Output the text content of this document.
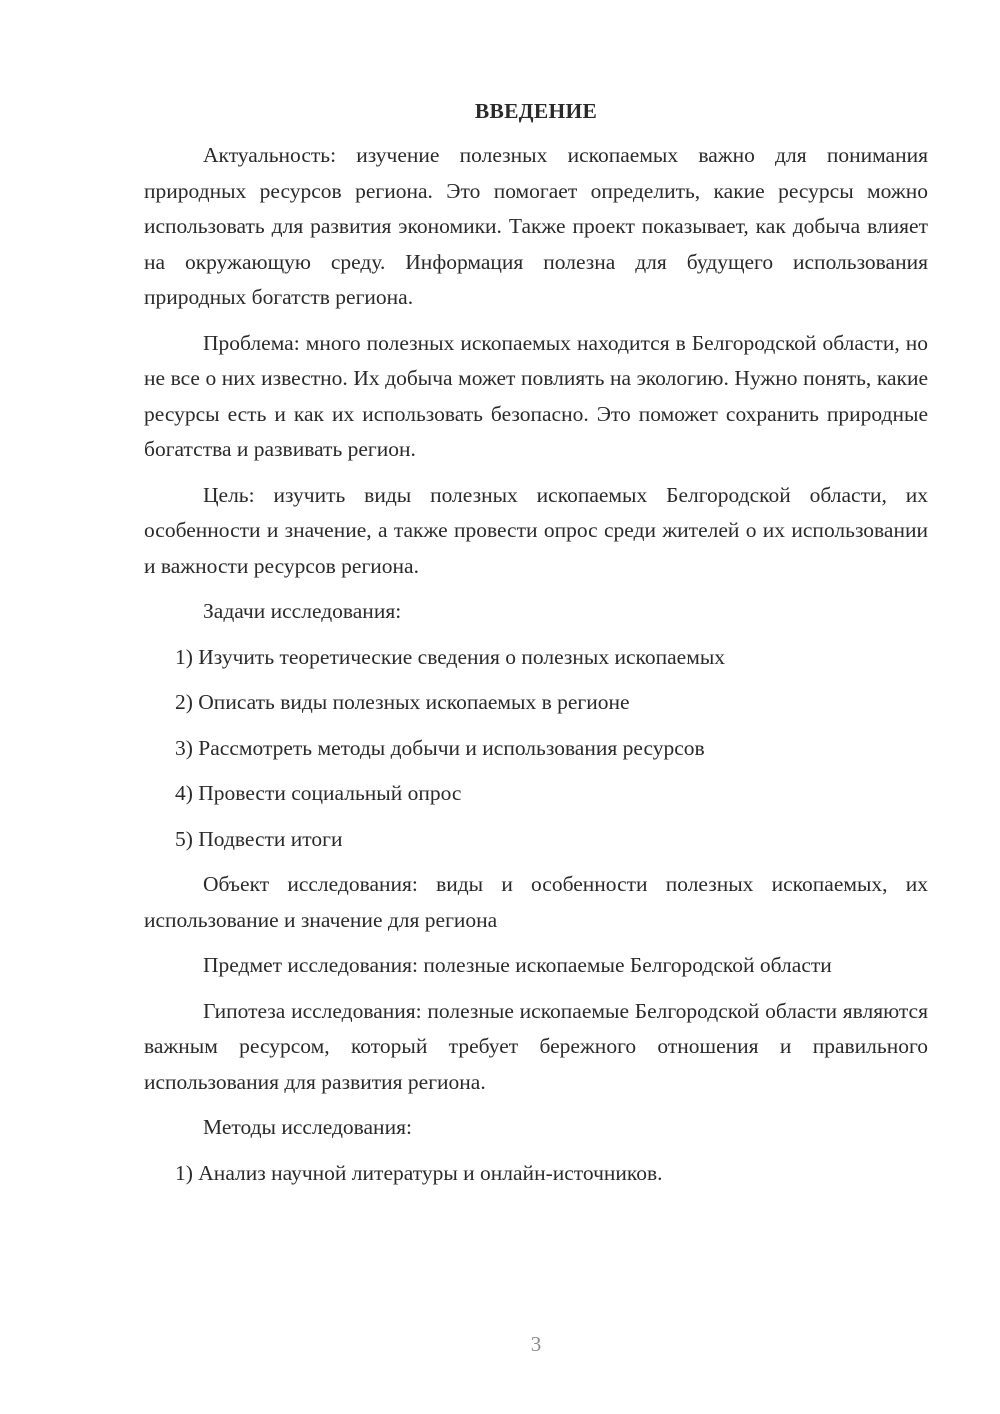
ВВЕДЕНИЕ

Актуальность: изучение полезных ископаемых важно для понимания природных ресурсов региона. Это помогает определить, какие ресурсы можно использовать для развития экономики. Также проект показывает, как добыча влияет на окружающую среду. Информация полезна для будущего использования природных богатств региона.

Проблема: много полезных ископаемых находится в Белгородской области, но не все о них известно. Их добыча может повлиять на экологию. Нужно понять, какие ресурсы есть и как их использовать безопасно. Это поможет сохранить природные богатства и развивать регион.

Цель: изучить виды полезных ископаемых Белгородской области, их особенности и значение, а также провести опрос среди жителей о их использовании и важности ресурсов региона.

Задачи исследования:

1) Изучить теоретические сведения о полезных ископаемых

2) Описать виды полезных ископаемых в регионе

3) Рассмотреть методы добычи и использования ресурсов

4) Провести социальный опрос

5) Подвести итоги

Объект исследования: виды и особенности полезных ископаемых, их использование и значение для региона

Предмет исследования: полезные ископаемые Белгородской области

Гипотеза исследования: полезные ископаемые Белгородской области являются важным ресурсом, который требует бережного отношения и правильного использования для развития региона.

Методы исследования:

1) Анализ научной литературы и онлайн-источников.

3
